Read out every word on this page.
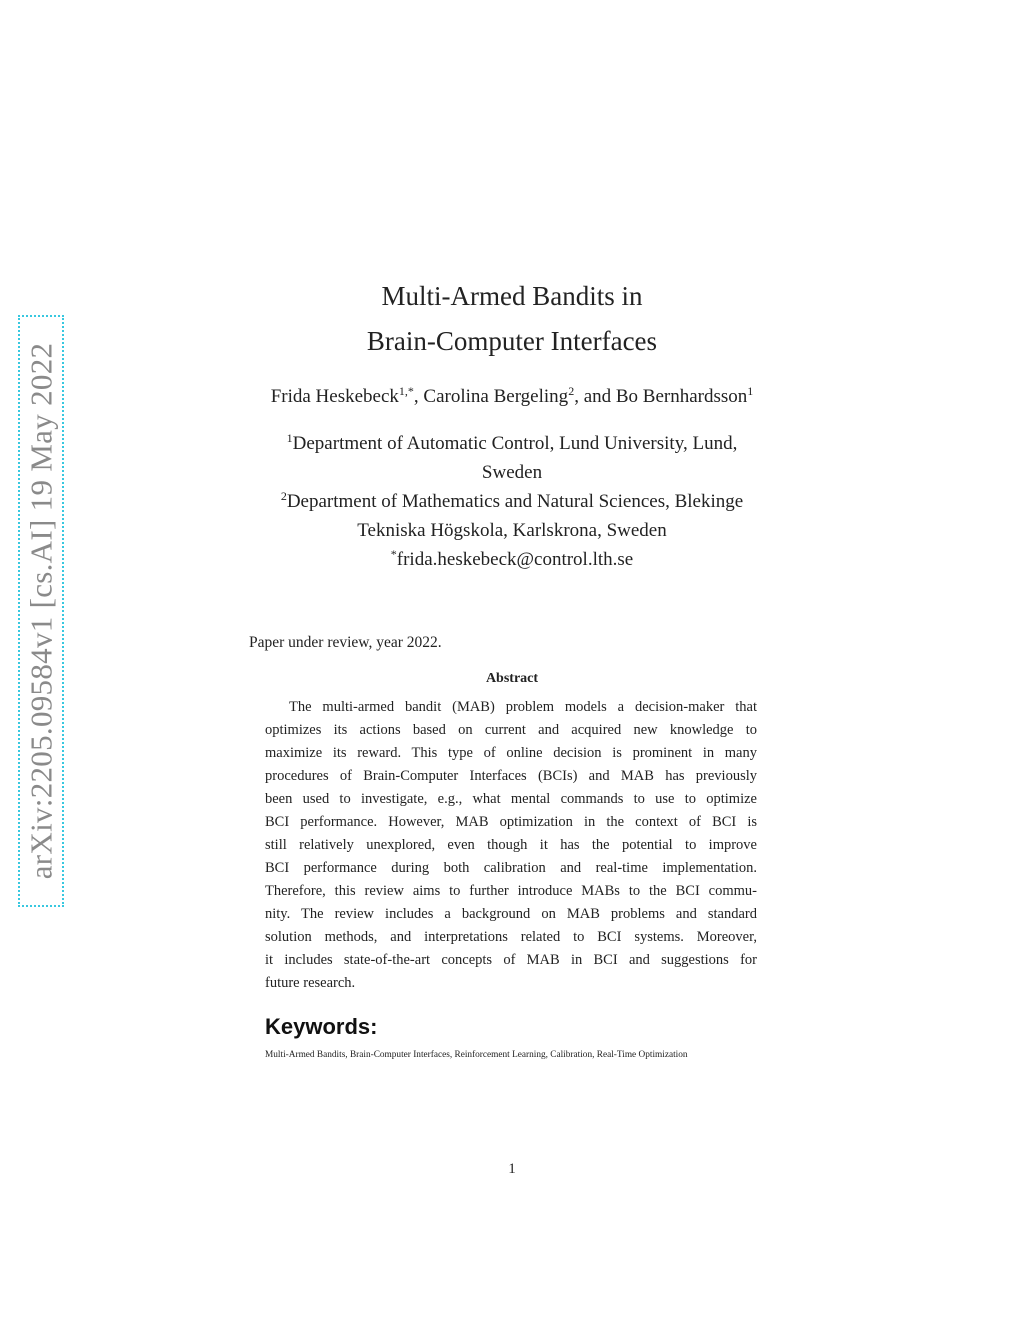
arXiv:2205.09584v1 [cs.AI] 19 May 2022
Multi-Armed Bandits in
Brain-Computer Interfaces
Frida Heskebeck$^{1,*}$, Carolina Bergeling$^2$, and Bo Bernhardsson$^1$
$^1$Department of Automatic Control, Lund University, Lund,
Sweden
$^2$Department of Mathematics and Natural Sciences, Blekinge
Tekniska Högskola, Karlskrona, Sweden
*frida.heskebeck@control.lth.se
Paper under review, year 2022.
Abstract
The multi-armed bandit (MAB) problem models a decision-maker that
optimizes its actions based on current and acquired new knowledge to
maximize its reward. This type of online decision is prominent in many
procedures of Brain-Computer Interfaces (BCIs) and MAB has previously
been used to investigate, e.g., what mental commands to use to optimize
BCI performance. However, MAB optimization in the context of BCI is
still relatively unexplored, even though it has the potential to improve
BCI performance during both calibration and real-time implementation.
Therefore, this review aims to further introduce MABs to the BCI commu-
nity. The review includes a background on MAB problems and standard
solution methods, and interpretations related to BCI systems. Moreover,
it includes state-of-the-art concepts of MAB in BCI and suggestions for
future research.
Keywords:
Multi-Armed Bandits, Brain-Computer Interfaces, Reinforcement Learning, Calibration, Real-Time Optimization
1
